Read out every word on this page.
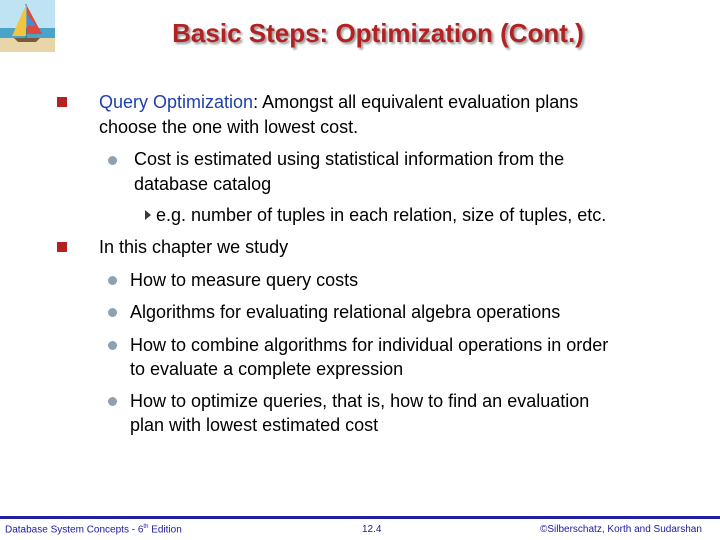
Basic Steps: Optimization (Cont.)
Query Optimization: Amongst all equivalent evaluation plans
choose the one with lowest cost.
Cost is estimated using statistical information from the
database catalog
e.g. number of tuples in each relation, size of tuples, etc.
In this chapter we study
How to measure query costs
Algorithms for evaluating relational algebra operations
How to combine algorithms for individual operations in order
to evaluate a complete expression
How to optimize queries, that is, how to find an evaluation
plan with lowest estimated cost
Database System Concepts - 6th Edition	12.4	©Silberschatz, Korth and Sudarshan
